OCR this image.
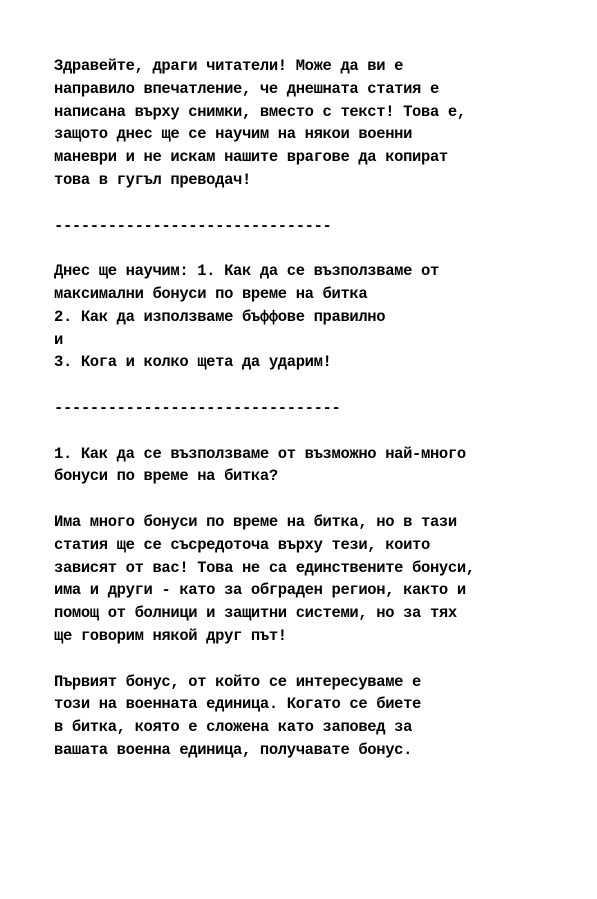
Здравейте, драги читатели! Може да ви е
направило впечатление, че днешната статия е
написана върху снимки, вместо с текст! Това е,
защото днес ще се научим на някои военни
маневри и не искам нашите врагове да копират
това в гугъл преводач!
-------------------------------
Днес ще научим: 1. Как да се възползваме от
максимални бонуси по време на битка
2. Как да използваме бъффове правилно
и
3. Кога и колко щета да ударим!
--------------------------------
1. Как да се възползваме от възможно най-много
бонуси по време на битка?
Има много бонуси по време на битка, но в тази
статия ще се съсредоточа върху тези, които
зависят от вас! Това не са единствените бонуси,
има и други - като за обграден регион, както и
помощ от болници и защитни системи, но за тях
ще говорим някой друг път!
Първият бонус, от който се интересуваме е
този на военната единица. Когато се биете
в битка, която е сложена като заповед за
вашата военна единица, получавате бонус.
